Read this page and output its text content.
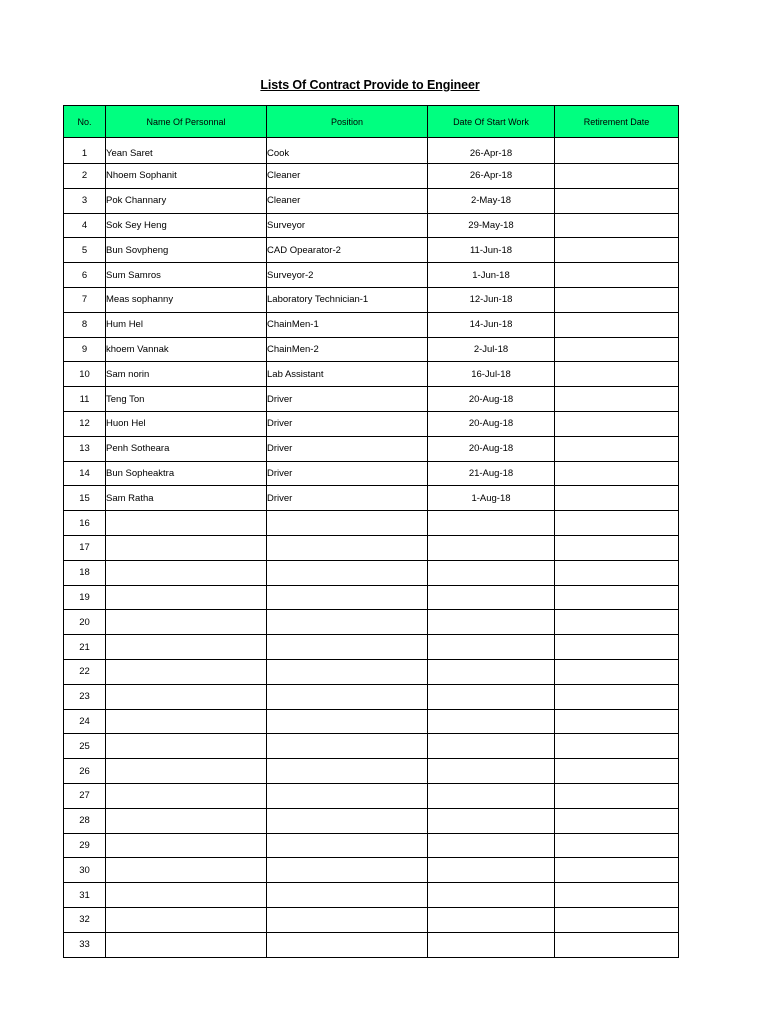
Lists Of Contract Provide to Engineer
No.	Name Of Personnal	Position	Date Of Start Work	Retirement Date
1	Yean Saret	Cook	26-Apr-18	
2	Nhoem Sophanit	Cleaner	26-Apr-18	
3	Pok Channary	Cleaner	2-May-18	
4	Sok Sey Heng	Surveyor	29-May-18	
5	Bun Sovpheng	CAD Opearator-2	11-Jun-18	
6	Sum Samros	Surveyor-2	1-Jun-18	
7	Meas sophanny	Laboratory Technician-1	12-Jun-18	
8	Hum Hel	ChainMen-1	14-Jun-18	
9	khoem Vannak	ChainMen-2	2-Jul-18	
10	Sam norin	Lab Assistant	16-Jul-18	
11	Teng Ton	Driver	20-Aug-18	
12	Huon Hel	Driver	20-Aug-18	
13	Penh Sotheara	Driver	20-Aug-18	
14	Bun Sopheaktra	Driver	21-Aug-18	
15	Sam Ratha	Driver	1-Aug-18	
16				
17				
18				
19				
20				
21				
22				
23				
24				
25				
26				
27				
28				
29				
30				
31				
32				
33				
